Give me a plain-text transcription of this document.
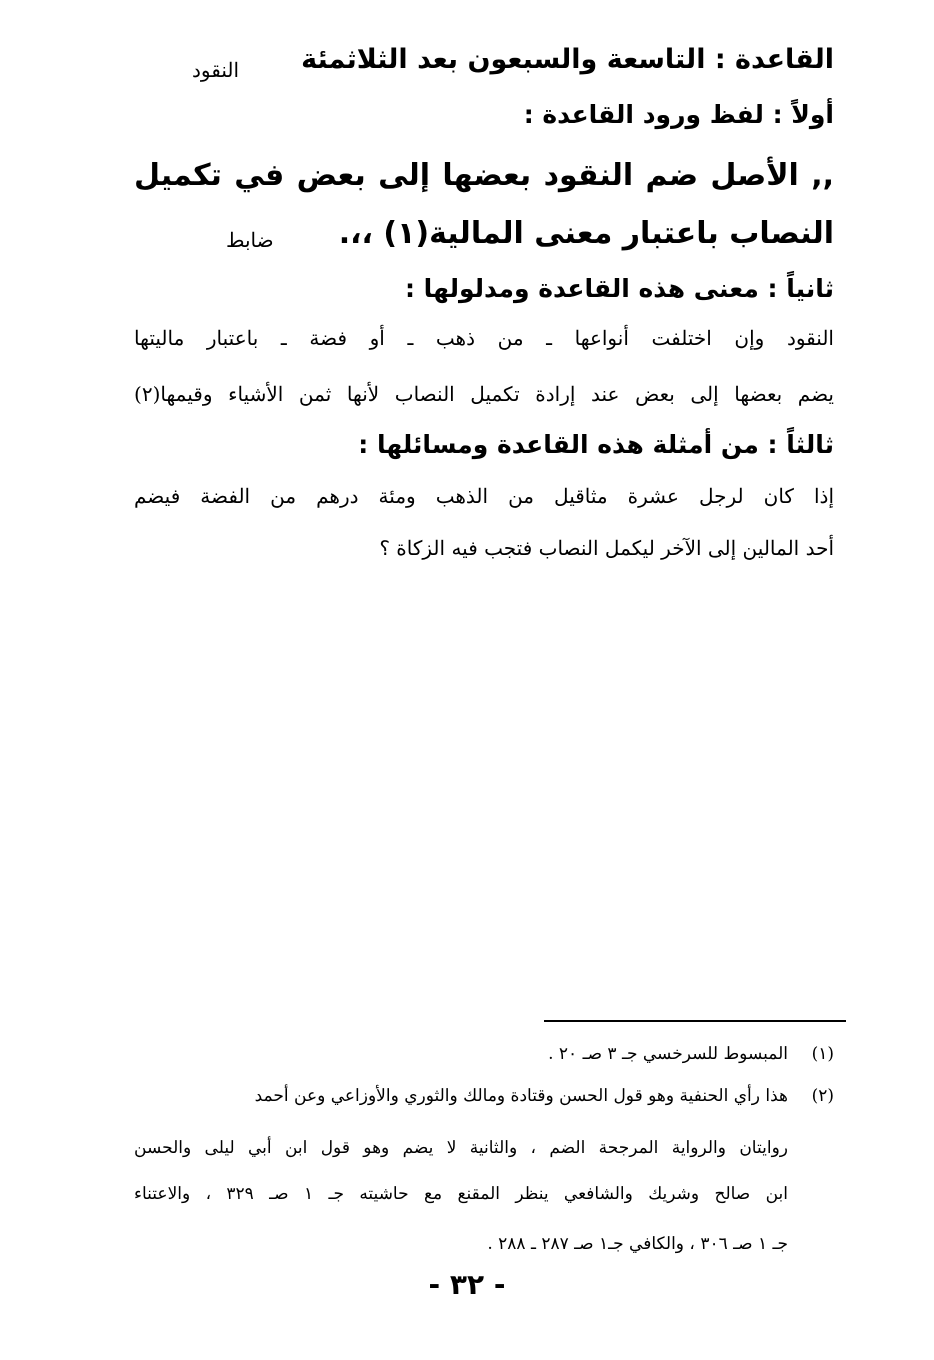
القاعدة : التاسعة والسبعون بعد الثلاثمئة
النقود
أولاً : لفظ ورود القاعدة :
,, الأصل ضم النقود بعضها إلى بعض في تكميل
النصاب باعتبار معنى المالية(١) ،،.
ضابط
ثانياً : معنى هذه القاعدة ومدلولها :
النقود وإن اختلفت أنواعها ـ من ذهب ـ أو فضة ـ باعتبار ماليتها
يضم بعضها إلى بعض عند إرادة تكميل النصاب لأنها ثمن الأشياء وقيمها(٢)
ثالثاً : من أمثلة هذه القاعدة ومسائلها :
إذا كان لرجل عشرة مثاقيل من الذهب ومئة درهم من الفضة فيضم
أحد المالين إلى الآخر ليكمل النصاب فتجب فيه الزكاة ؟
(١)
المبسوط للسرخسي جـ ٣ صـ ٢٠ .
(٢)
هذا رأي الحنفية وهو قول الحسن وقتادة ومالك والثوري والأوزاعي وعن أحمد
روايتان والرواية المرجحة الضم ، والثانية لا يضم وهو قول ابن أبي ليلى والحسن
ابن صالح وشريك والشافعي ينظر المقنع مع حاشيته جـ ١ صـ ٣٢٩ ، والاعتناء
جـ ١ صـ ٣٠٦ ، والكافي جـ١ صـ ٢٨٧ ـ ٢٨٨ .
- ٣٢ -
